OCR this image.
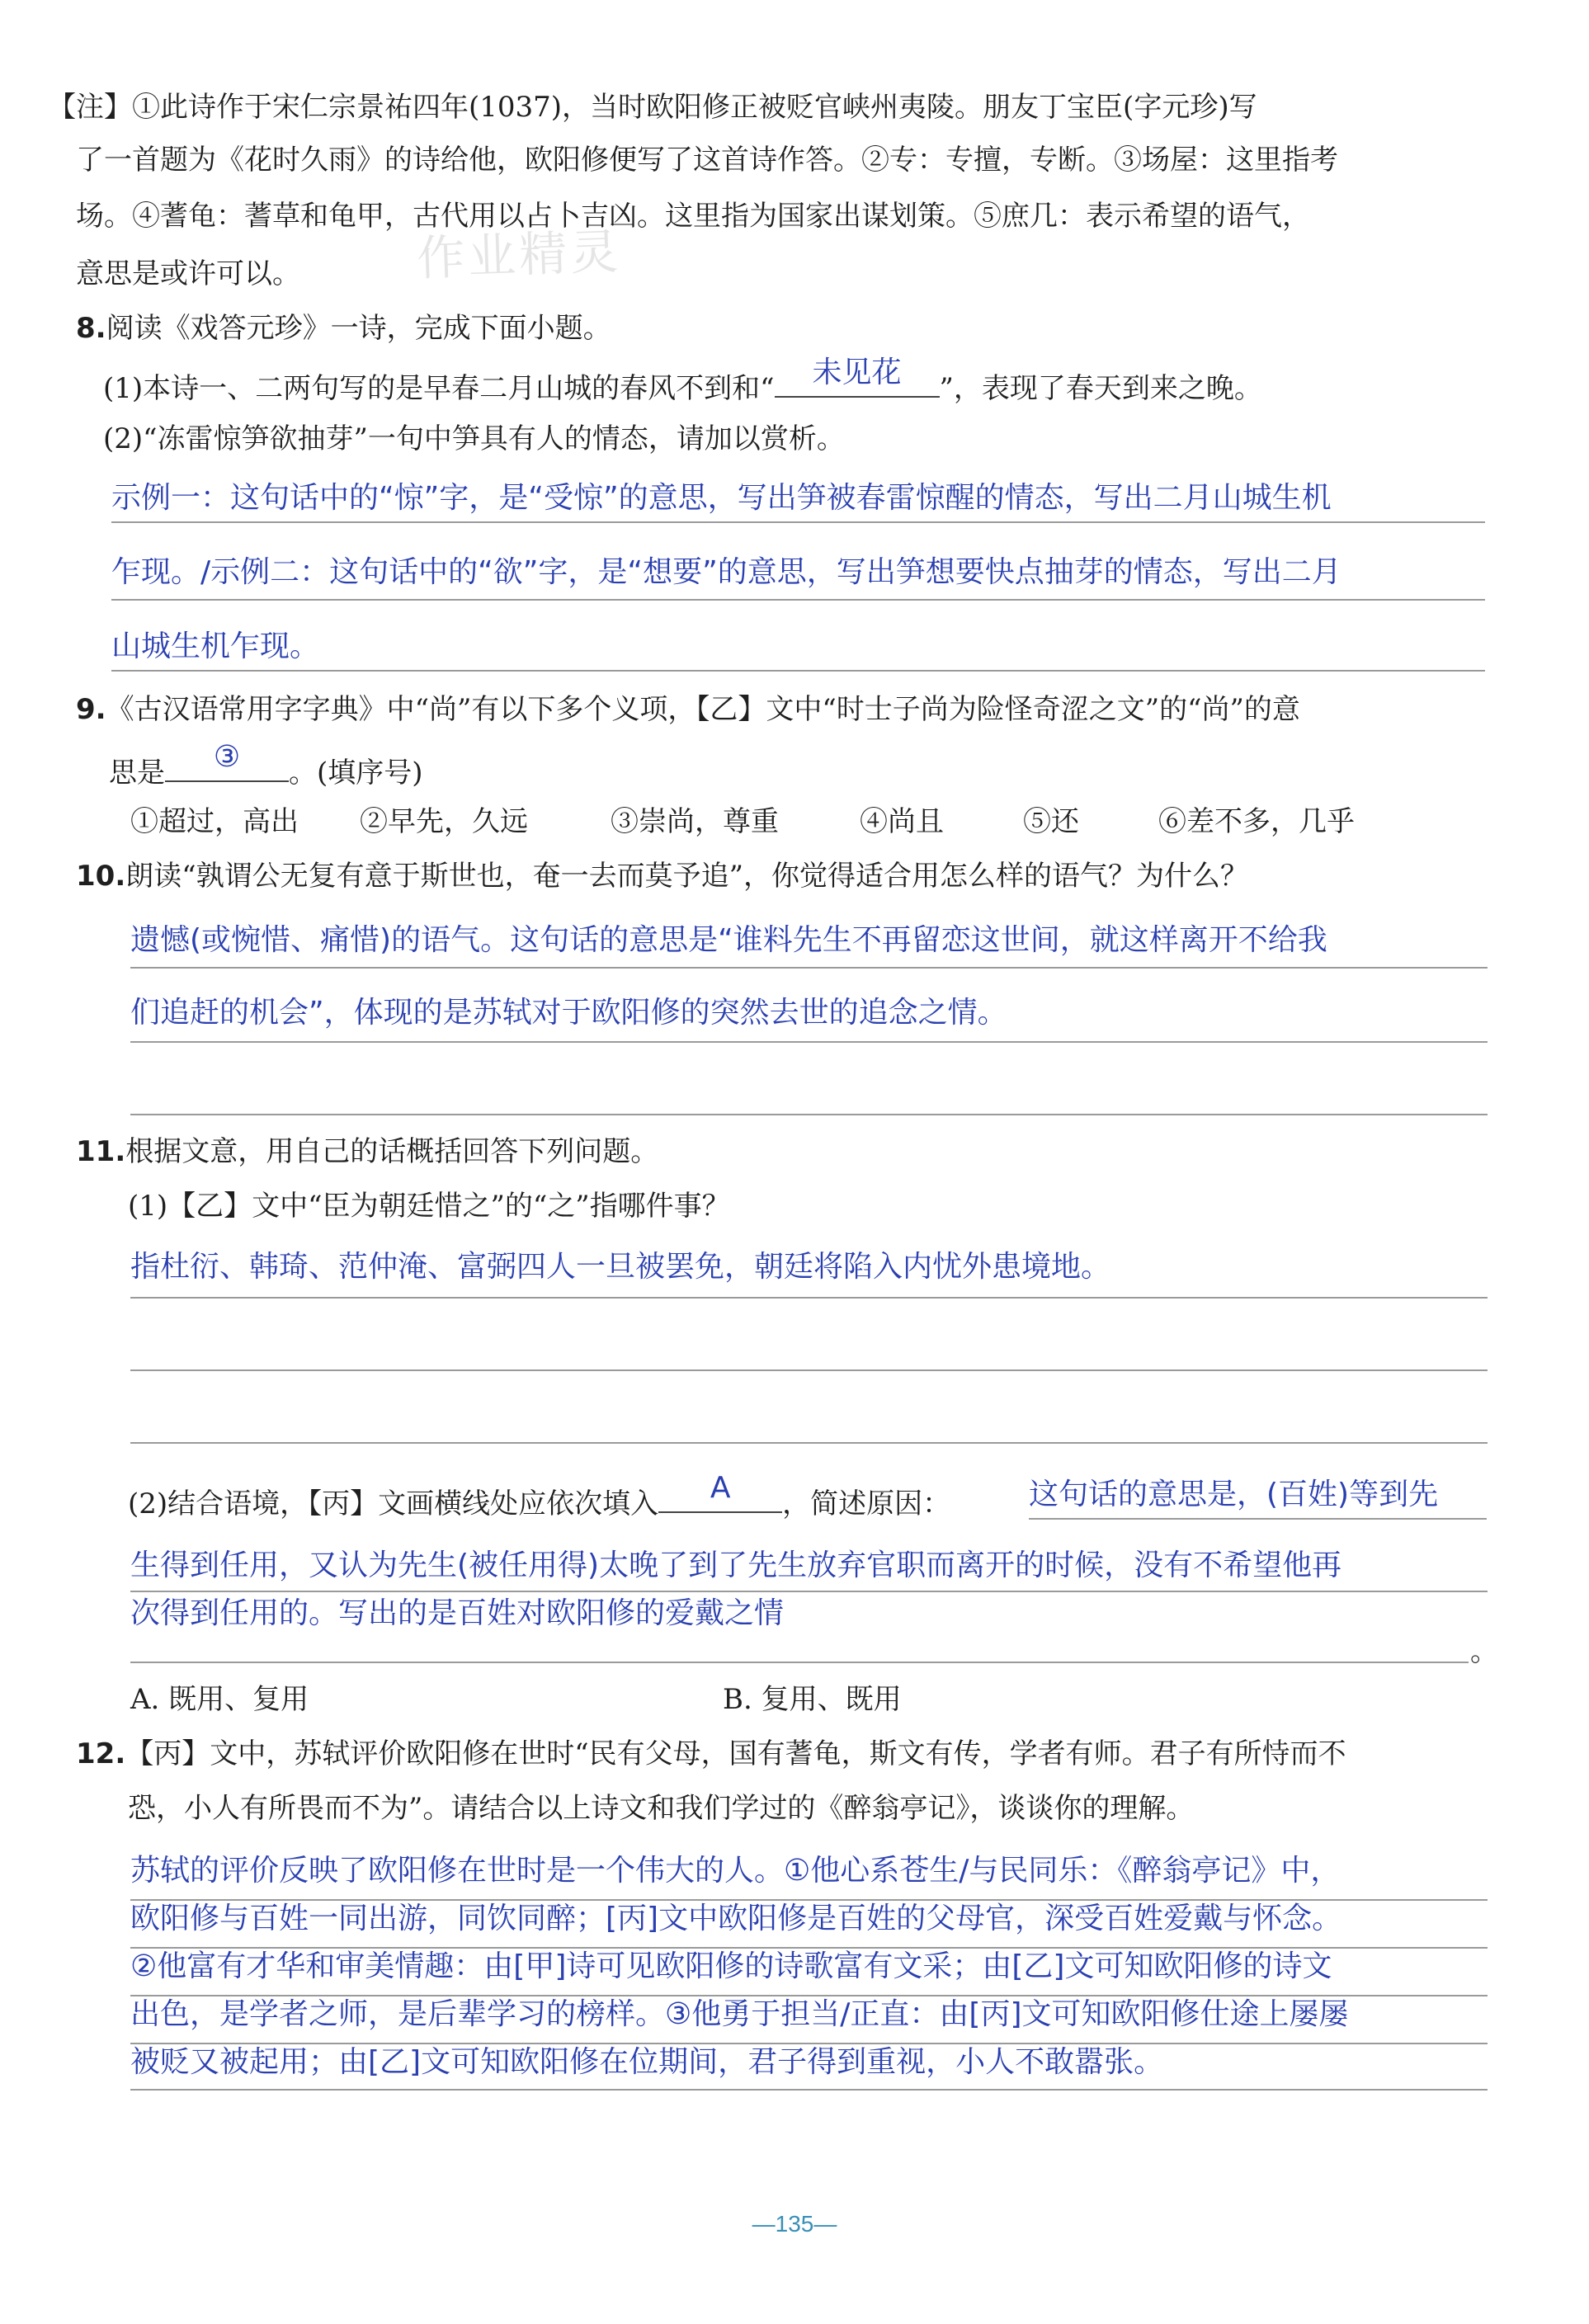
【注】①此诗作于宋仁宗景祐四年(1037)，当时欧阳修正被贬官峡州夷陵。朋友丁宝臣(字元珍)写
了一首题为《花时久雨》的诗给他，欧阳修便写了这首诗作答。②专：专擅，专断。③场屋：这里指考
场。④蓍龟：蓍草和龟甲，古代用以占卜吉凶。这里指为国家出谋划策。⑤庶几：表示希望的语气，
意思是或许可以。 作业精灵
8.阅读《戏答元珍》一诗，完成下面小题。
(1)本诗一、二两句写的是早春二月山城的春风不到和“	未见花	”，表现了春天到来之晚。
(2)“冻雷惊笋欲抽芽”一句中笋具有人的情态，请加以赏析。
示例一：这句话中的“惊”字，是“受惊”的意思，写出笋被春雷惊醒的情态，写出二月山城生机
乍现。/示例二：这句话中的“欲”字，是“想要”的意思，写出笋想要快点抽芽的情态，写出二月
山城生机乍现。
9.《古汉语常用字字典》中“尚”有以下多个义项，【乙】文中“时士子尚为险怪奇涩之文”的“尚”的意
思是	③	。(填序号)
①超过，高出 ②早先，久远	③崇尚，尊重	④尚且	⑤还	⑥差不多，几乎
10.朗读“孰谓公无复有意于斯世也，奄一去而莫予追”，你觉得适合用怎么样的语气？为什么？
遗憾(或惋惜、痛惜)的语气。这句话的意思是“谁料先生不再留恋这世间，就这样离开不给我
们追赶的机会”，体现的是苏轼对于欧阳修的突然去世的追念之情。
11.根据文意，用自己的话概括回答下列问题。
(1)【乙】文中“臣为朝廷惜之”的“之”指哪件事？
指杜衍、韩琦、范仲淹、富弼四人一旦被罢免，朝廷将陷入内忧外患境地。
(2)结合语境，【丙】文画横线处应依次填入	A	，简述原因：	这句话的意思是，(百姓)等到先
生得到任用，又认为先生(被任用得)太晚了到了先生放弃官职而离开的时候，没有不希望他再
次得到任用的。写出的是百姓对欧阳修的爱戴之情
。
A. 既用、复用	B. 复用、既用
12.【丙】文中，苏轼评价欧阳修在世时“民有父母，国有蓍龟，斯文有传，学者有师。君子有所恃而不
恐，小人有所畏而不为”。请结合以上诗文和我们学过的《醉翁亭记》，谈谈你的理解。
苏轼的评价反映了欧阳修在世时是一个伟大的人。①他心系苍生/与民同乐：《醉翁亭记》中，
欧阳修与百姓一同出游，同饮同醉；[丙]文中欧阳修是百姓的父母官，深受百姓爱戴与怀念。
②他富有才华和审美情趣：由[甲]诗可见欧阳修的诗歌富有文采；由[乙]文可知欧阳修的诗文
出色，是学者之师，是后辈学习的榜样。③他勇于担当/正直：由[丙]文可知欧阳修仕途上屡屡
被贬又被起用；由[乙]文可知欧阳修在位期间，君子得到重视，小人不敢嚣张。
—135—
